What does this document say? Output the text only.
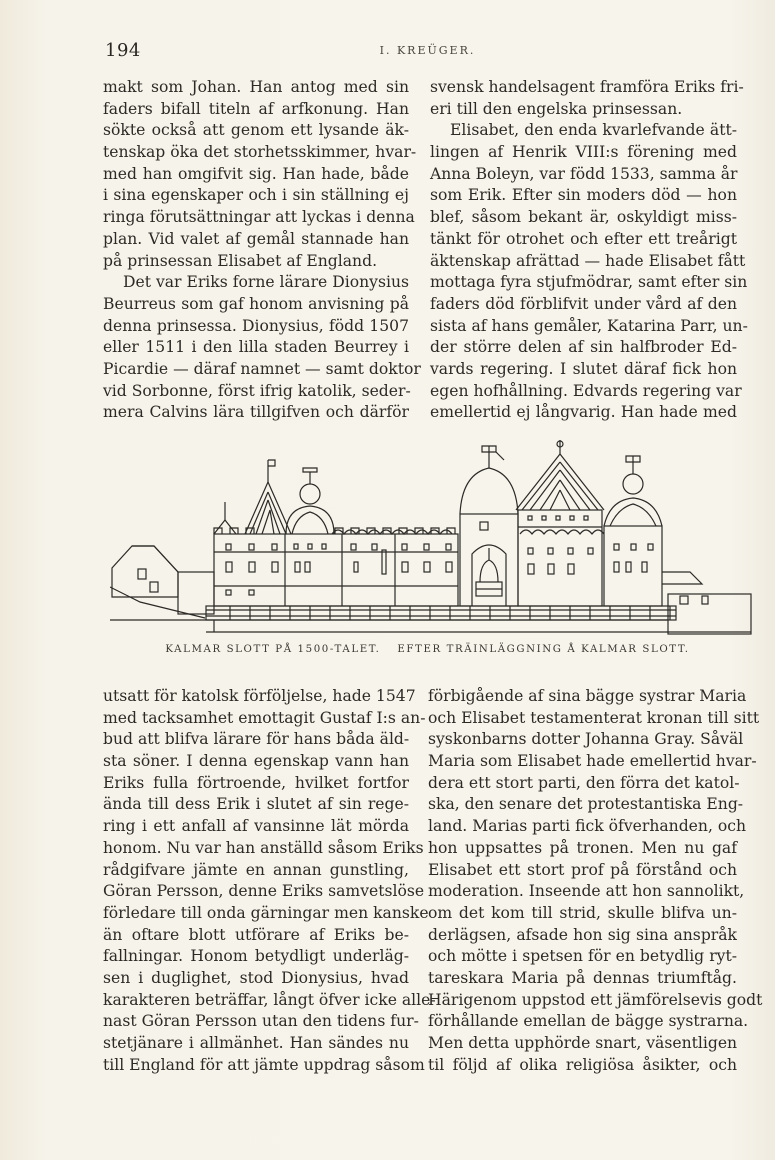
194	I. KREÜGER.
makt som Johan. Han antog med sin
faders bifall titeln af arfkonung. Han
sökte också att genom ett lysande äk-
tenskap öka det storhetsskimmer, hvar-
med han omgifvit sig. Han hade, både
i sina egenskaper och i sin ställning ej
ringa förutsättningar att lyckas i denna
plan. Vid valet af gemål stannade han
på prinsessan Elisabet af England.
Det var Eriks forne lärare Dionysius
Beurreus som gaf honom anvisning på
denna prinsessa. Dionysius, född 1507
eller 1511 i den lilla staden Beurrey i
Picardie — däraf namnet — samt doktor
vid Sorbonne, först ifrig katolik, seder-
mera Calvins lära tillgifven och därför
svensk handelsagent framföra Eriks fri-
eri till den engelska prinsessan.
Elisabet, den enda kvarlefvande ätt-
lingen af Henrik VIII:s förening med
Anna Boleyn, var född 1533, samma år
som Erik. Efter sin moders död — hon
blef, såsom bekant är, oskyldigt miss-
tänkt för otrohet och efter ett treårigt
äktenskap afrättad — hade Elisabet fått
mottaga fyra stjufmödrar, samt efter sin
faders död förblifvit under vård af den
sista af hans gemåler, Katarina Parr, un-
der större delen af sin halfbroder Ed-
vards regering. I slutet däraf fick hon
egen hofhållning. Edvards regering var
emellertid ej långvarig. Han hade med
KALMAR SLOTT PÅ 1500-TALET. EFTER TRÄINLÄGGNING Å KALMAR SLOTT.
utsatt för katolsk förföljelse, hade 1547
med tacksamhet emottagit Gustaf I:s an-
bud att blifva lärare för hans båda äld-
sta söner. I denna egenskap vann han
Eriks fulla förtroende, hvilket fortfor
ända till dess Erik i slutet af sin rege-
ring i ett anfall af vansinne lät mörda
honom. Nu var han anställd såsom Eriks
rådgifvare jämte en annan gunstling,
Göran Persson, denne Eriks samvetslöse
förledare till onda gärningar men kanske
än oftare blott utförare af Eriks be-
fallningar. Honom betydligt underläg-
sen i duglighet, stod Dionysius, hvad
karakteren beträffar, långt öfver icke alle-
nast Göran Persson utan den tidens fur-
stetjänare i allmänhet. Han sändes nu
till England för att jämte uppdrag såsom
förbigående af sina bägge systrar Maria
och Elisabet testamenterat kronan till sitt
syskonbarns dotter Johanna Gray. Såväl
Maria som Elisabet hade emellertid hvar-
dera ett stort parti, den förra det katol-
ska, den senare det protestantiska Eng-
land. Marias parti fick öfverhanden, och
hon uppsattes på tronen. Men nu gaf
Elisabet ett stort prof på förstånd och
moderation. Inseende att hon sannolikt,
om det kom till strid, skulle blifva un-
derlägsen, afsade hon sig sina anspråk
och mötte i spetsen för en betydlig ryt-
tareskara Maria på dennas triumftåg.
Härigenom uppstod ett jämförelsevis godt
förhållande emellan de bägge systrarna.
Men detta upphörde snart, väsentligen
til följd af olika religiösa åsikter, och
